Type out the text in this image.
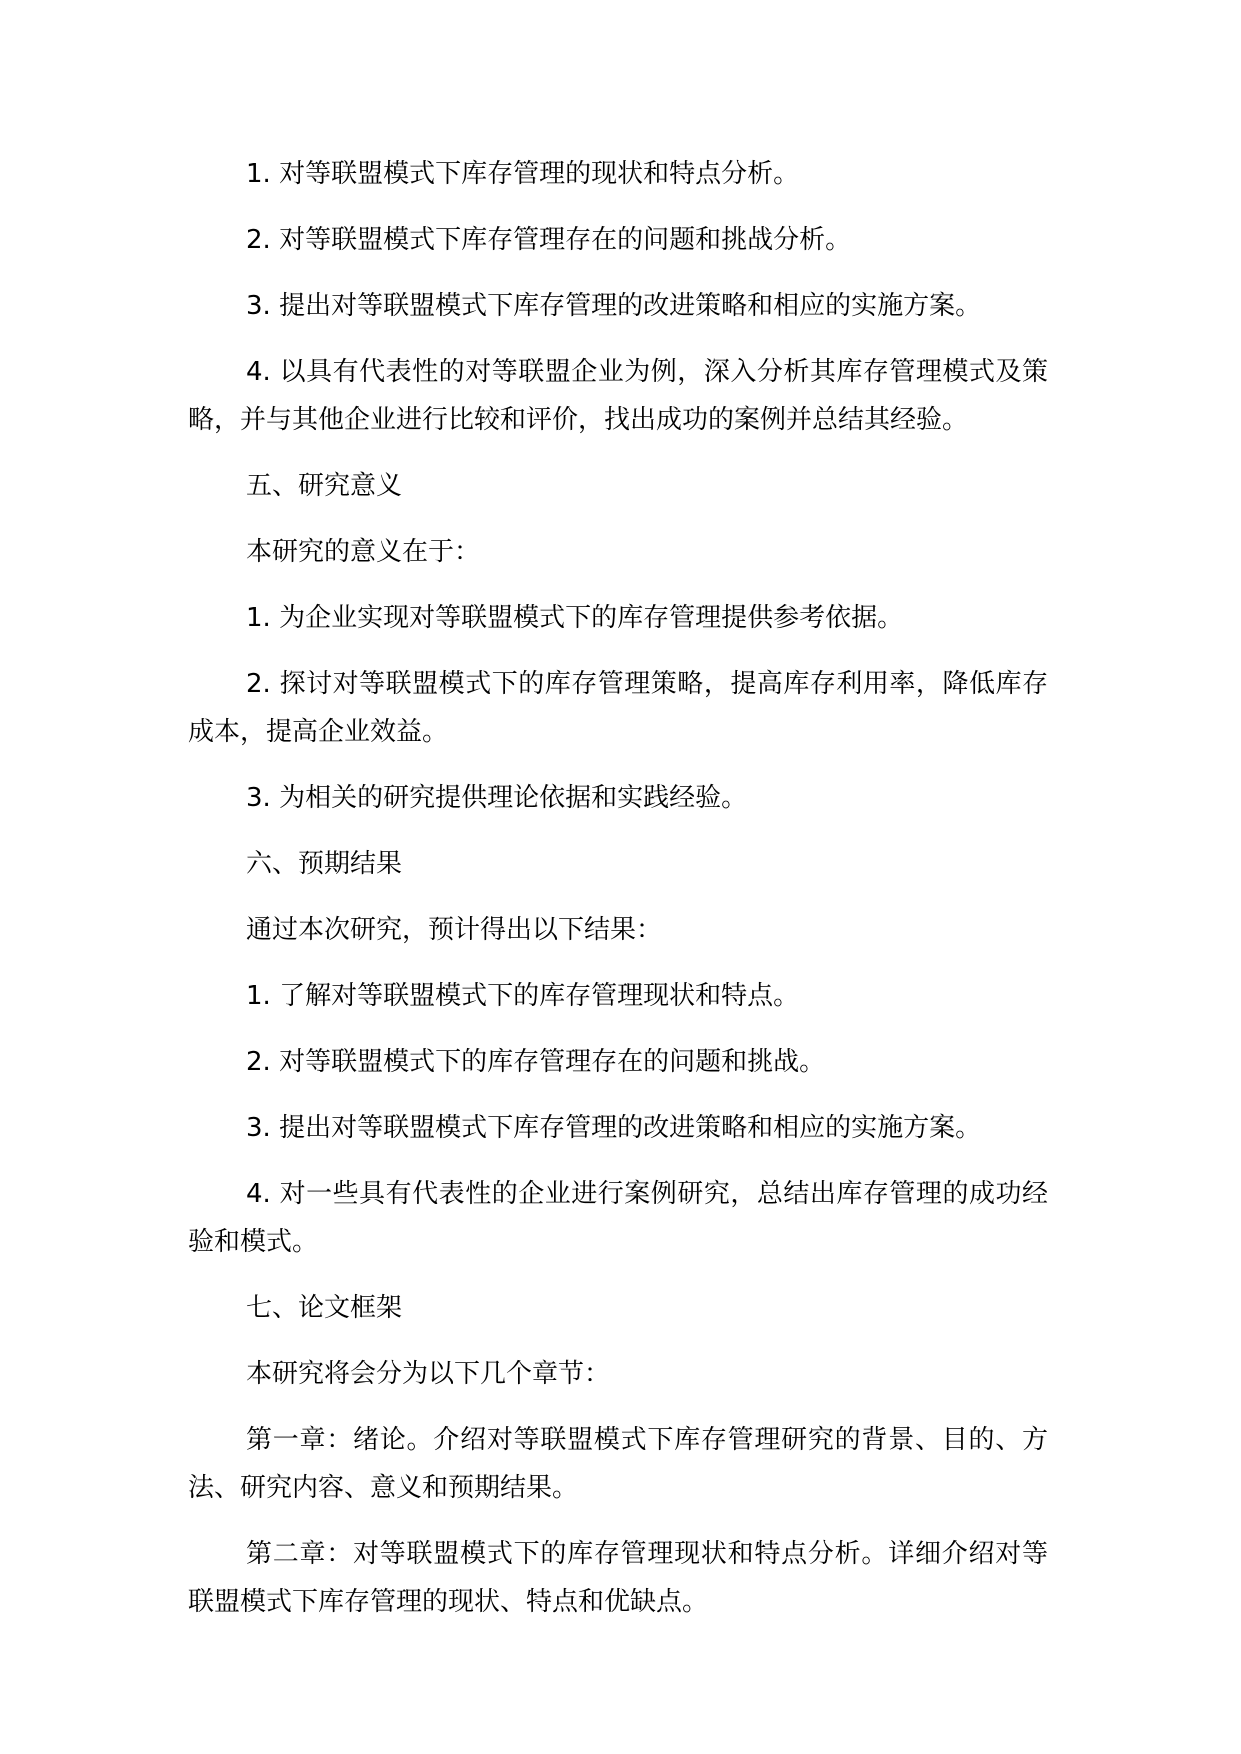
1. 对等联盟模式下库存管理的现状和特点分析。

2. 对等联盟模式下库存管理存在的问题和挑战分析。

3. 提出对等联盟模式下库存管理的改进策略和相应的实施方案。

4. 以具有代表性的对等联盟企业为例，深入分析其库存管理模式及策略，并与其他企业进行比较和评价，找出成功的案例并总结其经验。

五、研究意义

本研究的意义在于：

1. 为企业实现对等联盟模式下的库存管理提供参考依据。

2. 探讨对等联盟模式下的库存管理策略，提高库存利用率，降低库存成本，提高企业效益。

3. 为相关的研究提供理论依据和实践经验。

六、预期结果

通过本次研究，预计得出以下结果：

1. 了解对等联盟模式下的库存管理现状和特点。

2. 对等联盟模式下的库存管理存在的问题和挑战。

3. 提出对等联盟模式下库存管理的改进策略和相应的实施方案。

4. 对一些具有代表性的企业进行案例研究，总结出库存管理的成功经验和模式。

七、论文框架

本研究将会分为以下几个章节：

第一章：绪论。介绍对等联盟模式下库存管理研究的背景、目的、方法、研究内容、意义和预期结果。

第二章：对等联盟模式下的库存管理现状和特点分析。详细介绍对等联盟模式下库存管理的现状、特点和优缺点。
